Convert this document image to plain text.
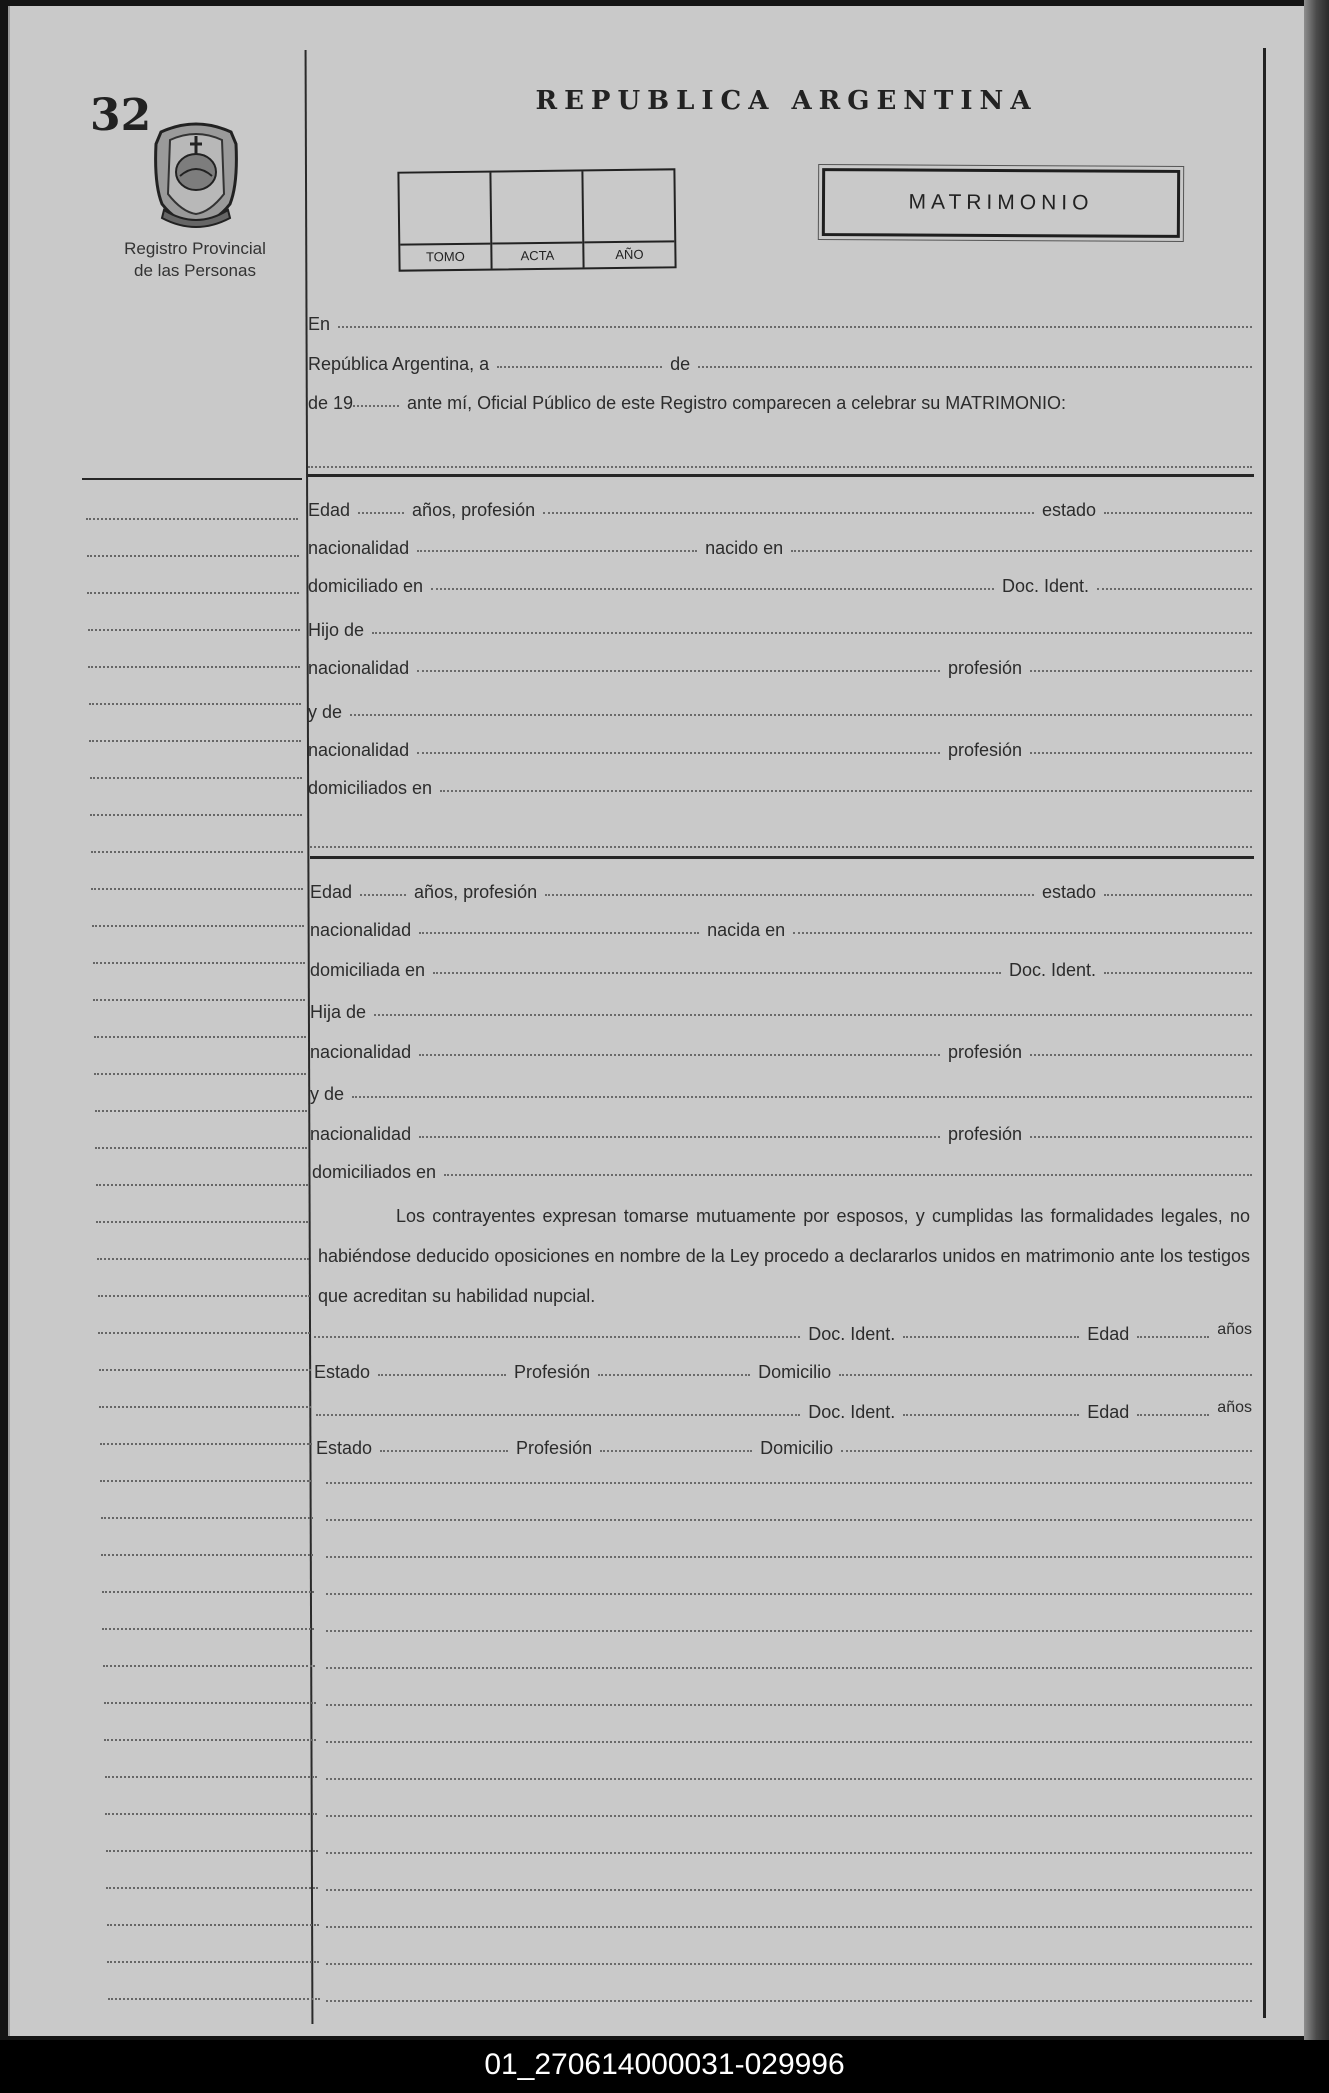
32
Registro Provincial
de las Personas
REPUBLICA ARGENTINA
TOMO	ACTA	AÑO
MATRIMONIO
En
República Argentina, a	de
de 19	ante mí, Oficial Público de este Registro comparecen a celebrar su MATRIMONIO:
Edad	años, profesión	estado
nacionalidad	nacido en
domiciliado en	Doc. Ident.
Hijo de
nacionalidad	profesión
y de
nacionalidad	profesión
domiciliados en
Edad	años, profesión	estado
nacionalidad	nacida en
domiciliada en	Doc. Ident.
Hija de
nacionalidad	profesión
y de
nacionalidad	profesión
domiciliados en
Los contrayentes expresan tomarse mutuamente por esposos, y cumplidas las formalidades legales, no habiéndose deducido oposiciones en nombre de la Ley procedo a declararlos unidos en matrimonio ante los testigos que acreditan su habilidad nupcial.
Doc. Ident.	Edad	años
Estado	Profesión	Domicilio
Doc. Ident.	Edad	años
Estado	Profesión	Domicilio
01_270614000031-029996
